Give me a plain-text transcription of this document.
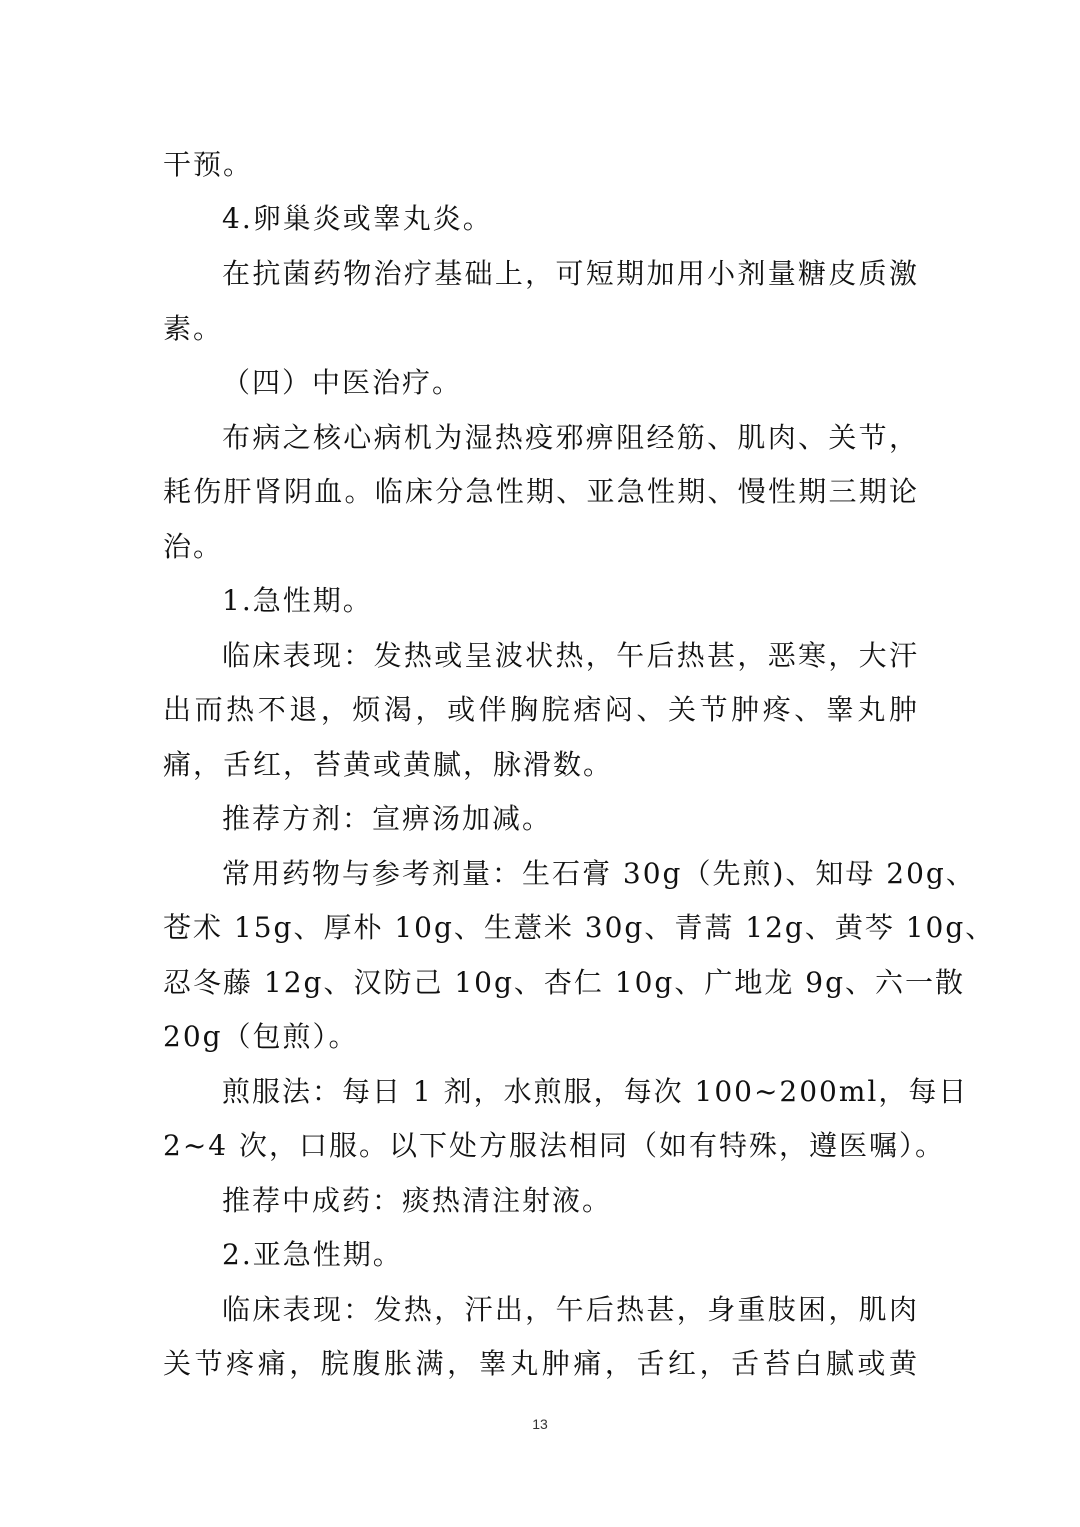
干预。
4.卵巢炎或睾丸炎。
在抗菌药物治疗基础上，可短期加用小剂量糖皮质激
素。
（四）中医治疗。
布病之核心病机为湿热疫邪痹阻经筋、肌肉、关节，
耗伤肝肾阴血。临床分急性期、亚急性期、慢性期三期论
治。
1.急性期。
临床表现：发热或呈波状热，午后热甚，恶寒，大汗
出而热不退，烦渴，或伴胸脘痞闷、关节肿疼、睾丸肿
痛，舌红，苔黄或黄腻，脉滑数。
推荐方剂：宣痹汤加减。
常用药物与参考剂量：生石膏 30g（先煎)、知母 20g、
苍术 15g、厚朴 10g、生薏米 30g、青蒿 12g、黄芩 10g、
忍冬藤 12g、汉防己 10g、杏仁 10g、广地龙 9g、六一散
20g（包煎）。
煎服法：每日 1 剂，水煎服，每次 100~200ml，每日
2~4 次，口服。以下处方服法相同（如有特殊，遵医嘱）。
推荐中成药：痰热清注射液。
2.亚急性期。
临床表现：发热，汗出，午后热甚，身重肢困，肌肉
关节疼痛，脘腹胀满，睾丸肿痛，舌红，舌苔白腻或黄
13
